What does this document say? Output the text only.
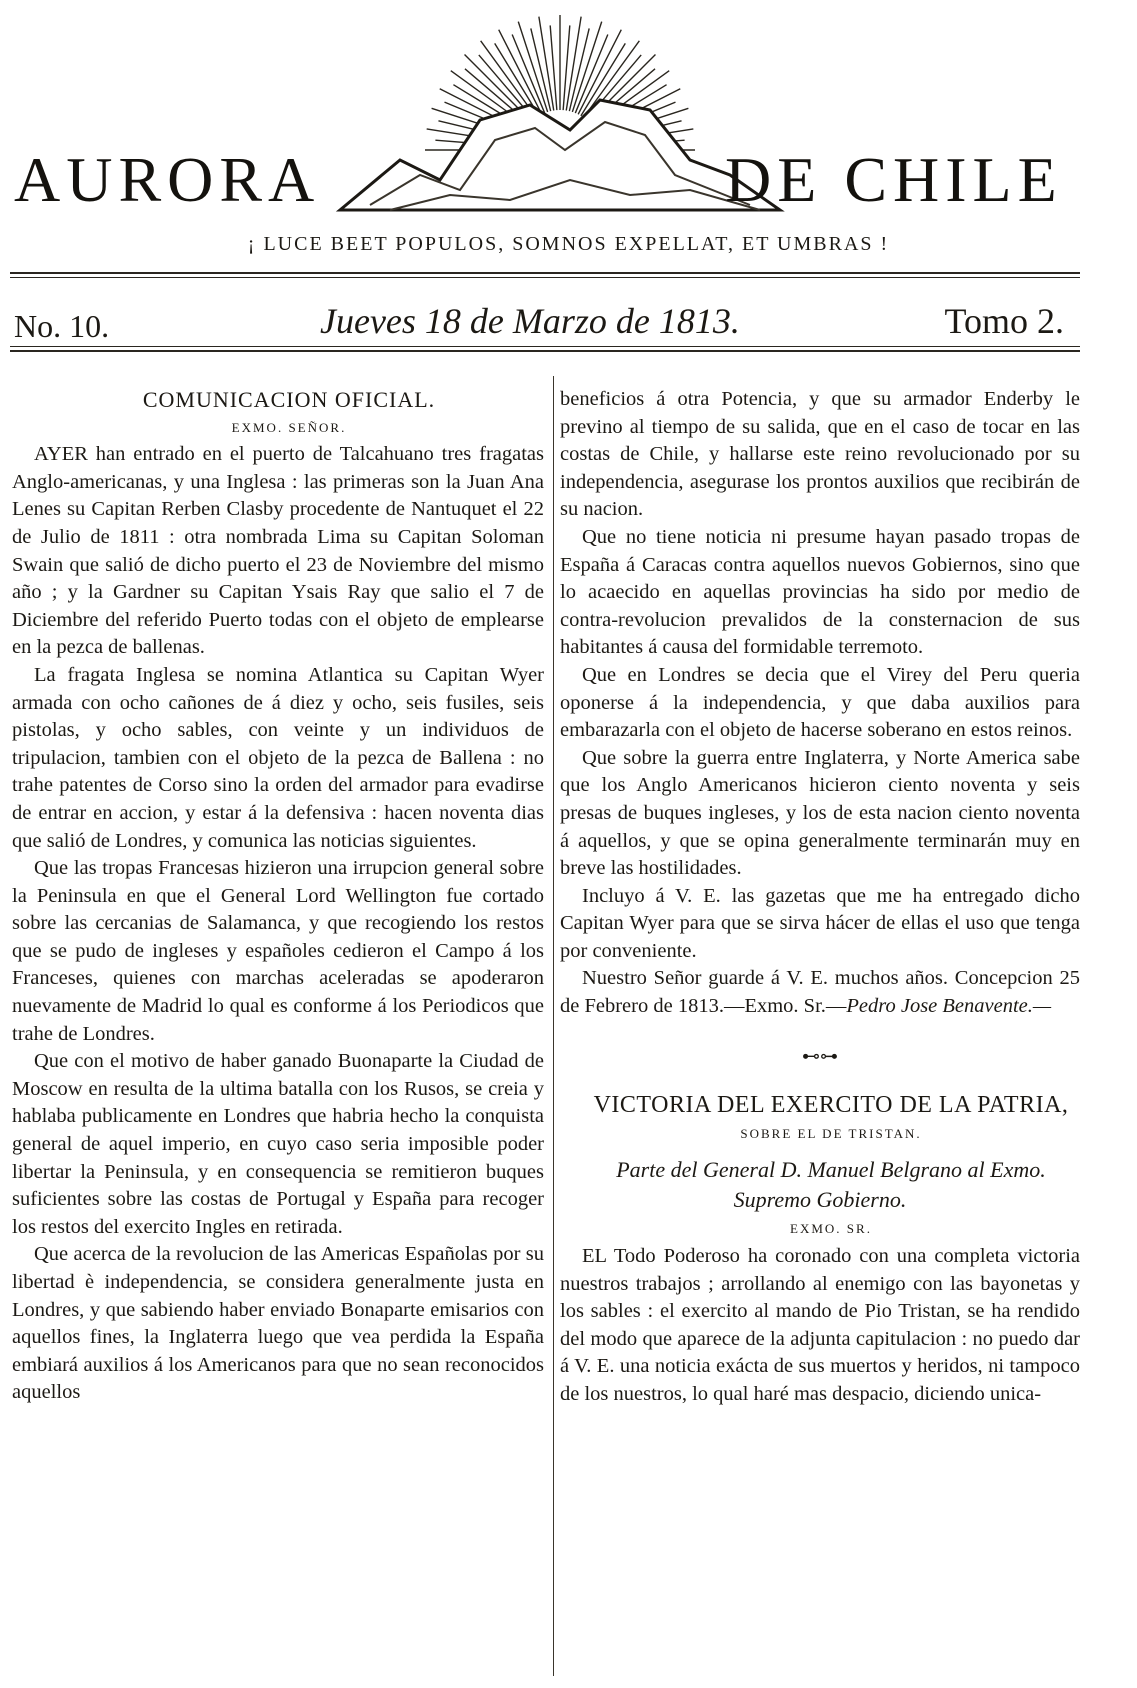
AURORA	DE CHILE
¡ LUCE BEET POPULOS, SOMNOS EXPELLAT, ET UMBRAS !
No. 10.	Jueves 18 de Marzo de 1813.	Tomo 2.

COMUNICACION OFICIAL.

EXMO. SEÑOR.

AYER han entrado en el puerto de Talcahuano tres fragatas Anglo-americanas, y una Inglesa : las primeras son la Juan Ana Lenes su Capitan Rerben Clasby procedente de Nantuquet el 22 de Julio de 1811 : otra nombrada Lima su Capitan Soloman Swain que salió de dicho puerto el 23 de Noviembre del mismo año ; y la Gardner su Capitan Ysais Ray que salio el 7 de Diciembre del referido Puerto todas con el objeto de emplearse en la pezca de ballenas.

La fragata Inglesa se nomina Atlantica su Capitan Wyer armada con ocho cañones de á diez y ocho, seis fusiles, seis pistolas, y ocho sables, con veinte y un individuos de tripulacion, tambien con el objeto de la pezca de Ballena : no trahe patentes de Corso sino la orden del armador para evadirse de entrar en accion, y estar á la defensiva : hacen noventa dias que salió de Londres, y comunica las noticias siguientes.

Que las tropas Francesas hizieron una irrupcion general sobre la Peninsula en que el General Lord Wellington fue cortado sobre las cercanias de Salamanca, y que recogiendo los restos que se pudo de ingleses y españoles cedieron el Campo á los Franceses, quienes con marchas aceleradas se apoderaron nuevamente de Madrid lo qual es conforme á los Periodicos que trahe de Londres.

Que con el motivo de haber ganado Buonaparte la Ciudad de Moscow en resulta de la ultima batalla con los Rusos, se creia y hablaba publicamente en Londres que habria hecho la conquista general de aquel imperio, en cuyo caso seria imposible poder libertar la Peninsula, y en consequencia se remitieron buques suficientes sobre las costas de Portugal y España para recoger los restos del exercito Ingles en retirada.

Que acerca de la revolucion de las Americas Españolas por su libertad è independencia, se considera generalmente justa en Londres, y que sabiendo haber enviado Bonaparte emisarios con aquellos fines, la Inglaterra luego que vea perdida la España embiará auxilios á los Americanos para que no sean reconocidos aquellos

beneficios á otra Potencia, y que su armador Enderby le previno al tiempo de su salida, que en el caso de tocar en las costas de Chile, y hallarse este reino revolucionado por su independencia, asegurase los prontos auxilios que recibirán de su nacion.

Que no tiene noticia ni presume hayan pasado tropas de España á Caracas contra aquellos nuevos Gobiernos, sino que lo acaecido en aquellas provincias ha sido por medio de contra-revolucion prevalidos de la consternacion de sus habitantes á causa del formidable terremoto.

Que en Londres se decia que el Virey del Peru queria oponerse á la independencia, y que daba auxilios para embarazarla con el objeto de hacerse soberano en estos reinos.

Que sobre la guerra entre Inglaterra, y Norte America sabe que los Anglo Americanos hicieron ciento noventa y seis presas de buques ingleses, y los de esta nacion ciento noventa á aquellos, y que se opina generalmente terminarán muy en breve las hostilidades.

Incluyo á V. E. las gazetas que me ha entregado dicho Capitan Wyer para que se sirva hácer de ellas el uso que tenga por conveniente.

Nuestro Señor guarde á V. E. muchos años. Concepcion 25 de Febrero de 1813.—Exmo. Sr.—Pedro Jose Benavente.—

⊷⊶

VICTORIA DEL EXERCITO DE LA PATRIA,

SOBRE EL DE TRISTAN.

Parte del General D. Manuel Belgrano al Exmo. Supremo Gobierno.

EXMO. SR.

EL Todo Poderoso ha coronado con una completa victoria nuestros trabajos ; arrollando al enemigo con las bayonetas y los sables : el exercito al mando de Pio Tristan, se ha rendido del modo que aparece de la adjunta capitulacion : no puedo dar á V. E. una noticia exácta de sus muertos y heridos, ni tampoco de los nuestros, lo qual haré mas despacio, diciendo unica-
